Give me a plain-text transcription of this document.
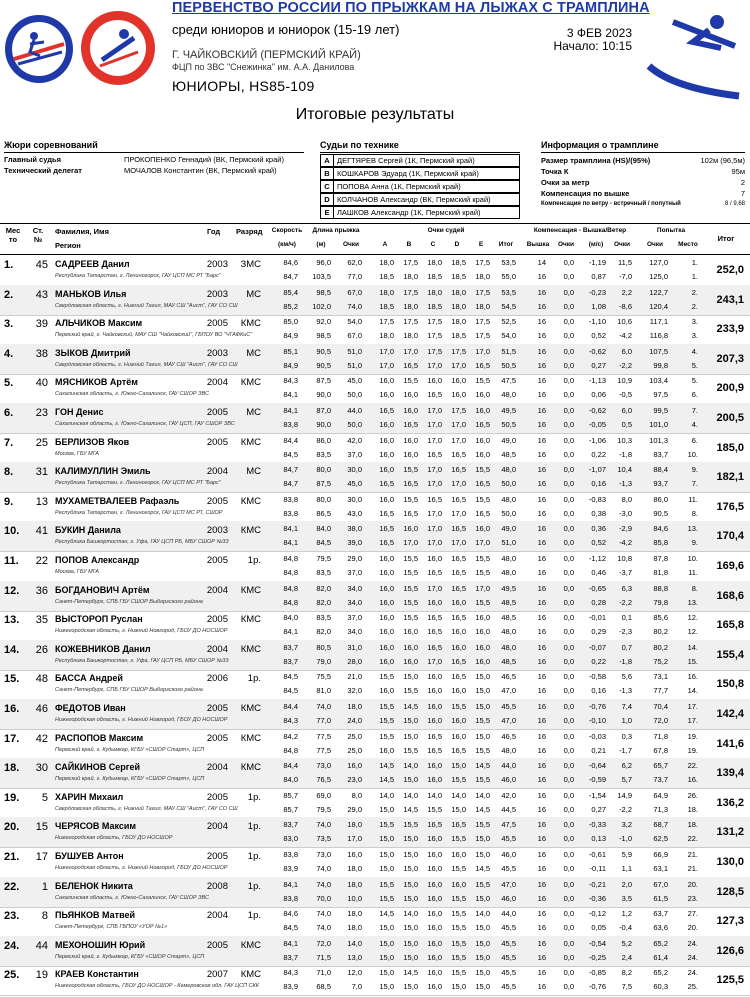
ПЕРВЕНСТВО РОССИИ ПО ПРЫЖКАМ НА ЛЫЖАХ С ТРАМПЛИНА
среди юниоров и юниорок (15-19 лет)	3 ФЕВ 2023
Начало: 10:15
Г. ЧАЙКОВСКИЙ (ПЕРМСКИЙ КРАЙ)
ФЦП по ЗВС "Снежинка" им. А.А. Данилова
ЮНИОРЫ, HS85-109
Итоговые результаты
Жюри соревнований
Главный судья	ПРОКОПЕНКО Геннадий (ВК, Пермский край)
Технический делегат	МОЧАЛОВ Константин (ВК, Пермский край)
Судьи по технике
A ДЕГТЯРЕВ Сергей (1К, Пермский край)
B КОШКАРОВ Эдуард (1К, Пермский край)
C ПОПОВА Анна (1К, Пермский край)
D КОЛЧАНОВ Александр (ВК, Пермский край)
E ЛАШКОВ Александр (1К, Пермский край)
Информация о трамплине
Размер трамплина (HS)/(95%)	102м (96,5м)
Точка К	95м
Очки за метр	2
Компенсация по вышке	7
Компенсация по ветру - встречный / попутный	8 / 9,68
Мес то
Ст. №
Фамилия, Имя
Регион
Год Разряд	Скорость
(км/ч)
Длина прыжка
(м)	Очки
Очки судей
A	B	C	D	E	Итог
Компенсация - Вышка/Ветер
Вышка	Очки	(м/с)	Очки
Попытка
Очки	Место
Итог
1.	45 САДРЕЕВ Данил
Республика Татарстан, г. Лениногорск, ГАУ ЦСП МС РТ "Барс"
2003	ЗМС	252,0
84,6	96,0	62,0	18,0	17,5	18,0	18,5	17,5	53,5	14	0,0	-1,19	11,5	127,0	1.
84,7	103,5	77,0	18,5	18,0	18,5	18,5	18,0	55,0	16	0,0	0,87	-7,0	125,0	1.
2.	43 МАНЬКОВ Илья
Свердловская область, г. Нижний Тагил, МАУ СШ "Аист", ГАУ СО СШ
2003	МС	243,1
85,4	98,5	67,0	18,0	17,5	18,0	18,0	17,5	53,5	16	0,0	-0,23	2,2	122,7	2.
85,2	102,0	74,0	18,5	18,0	18,5	18,0	18,0	54,5	16	0,0	1,08	-8,6	120,4	2.
3.	39 АЛЬЧИКОВ Максим
Пермский край, г. Чайковский, МАУ СШ "Чайковский", ГБПОУ ВО "ЧГАФКиС"
2005	КМС	233,9
85,0	92,0	54,0	17,5	17,5	17,5	18,0	17,5	52,5	16	0,0	-1,10	10,6	117,1	3.
84,9	98,5	67,0	18,0	18,0	17,5	18,5	17,5	54,0	16	0,0	0,52	-4,2	116,8	3.
4.	38 ЗЫКОВ Дмитрий
Свердловская область, г. Нижний Тагил, МАУ СШ "Аист", ГАУ СО СШ
2003	МС	207,3
85,1	90,5	51,0	17,0	17,0	17,5	17,5	17,0	51,5	16	0,0	-0,62	6,0	107,5	4.
84,9	90,5	51,0	17,0	16,5	17,0	17,0	16,5	50,5	16	0,0	0,27	-2,2	99,8	5.
5.	40 МЯСНИКОВ Артём
Сахалинская область, г. Южно-Сахалинск, ГАУ СШОР ЗВС
2004	КМС	200,9
84,3	87,5	45,0	16,0	15,5	16,0	16,0	15,5	47,5	16	0,0	-1,13	10,9	103,4	5.
84,1	90,0	50,0	16,0	16,0	16,5	16,0	16,0	48,0	16	0,0	0,06	-0,5	97,5	6.
6.	23 ГОН Денис
Сахалинская область, г. Южно-Сахалинск, ГАУ ЦСП, ГАУ СШОР ЗВС
2005	МС	200,5
84,1	87,0	44,0	16,5	16,0	17,0	17,5	16,0	49,5	16	0,0	-0,62	6,0	99,5	7.
83,8	90,0	50,0	16,0	16,5	17,0	17,0	16,5	50,5	16	0,0	-0,05	0,5	101,0	4.
7.	25 БЕРЛИЗОВ Яков
Москва, ГБУ МГА
2005	КМС	185,0
84,4	86,0	42,0	16,0	16,0	17,0	17,0	16,0	49,0	16	0,0	-1,06	10,3	101,3	6.
84,5	83,5	37,0	16,0	16,0	16,5	16,5	16,0	48,5	16	0,0	0,22	-1,8	83,7	10.
8.	31 КАЛИМУЛЛИН Эмиль
Республика Татарстан, г. Лениногорск, ГАУ ЦСП МС РТ "Барс"
2004	МС	182,1
84,7	80,0	30,0	16,0	15,5	17,0	16,5	15,5	48,0	16	0,0	-1,07	10,4	88,4	9.
84,7	87,5	45,0	16,5	16,5	17,0	17,0	16,5	50,0	16	0,0	0,16	-1,3	93,7	7.
9.	13 МУХАМЕТВАЛЕЕВ Рафаэль
Республика Татарстан, г. Лениногорск, ГАУ ЦСП МС РТ, СШОР
2005	КМС	176,5
83,8	80,0	30,0	16,0	15,5	16,5	16,5	15,5	48,0	16	0,0	-0,83	8,0	86,0	11.
83,8	86,5	43,0	16,5	16,5	17,0	17,0	16,5	50,0	16	0,0	0,38	-3,0	90,5	8.
10.	41 БУКИН Данила
Республика Башкортостан, г. Уфа, ГАУ ЦСП РБ, МБУ СШОР №33
2003	КМС	170,4
84,1	84,0	38,0	16,5	16,0	17,0	16,5	16,0	49,0	16	0,0	0,36	-2,9	84,6	13.
84,1	84,5	39,0	16,5	17,0	17,0	17,0	17,0	51,0	16	0,0	0,52	-4,2	85,8	9.
11.	22 ПОПОВ Александр
Москва, ГБУ МГА
2005	1р.	169,6
84,8	79,5	29,0	16,0	15,5	16,0	16,5	15,5	48,0	16	0,0	-1,12	10,8	87,8	10.
84,8	83,5	37,0	16,0	15,5	16,5	16,5	15,5	48,0	16	0,0	0,46	-3,7	81,8	11.
12.	36 БОГДАНОВИЧ Артём
Санкт-Петербург, СПБ ГБУ СШОР Выборгского района
2004	КМС	168,6
84,8	82,0	34,0	16,0	15,5	17,0	16,5	17,0	49,5	16	0,0	-0,65	6,3	88,8	8.
84,8	82,0	34,0	16,0	15,5	16,0	16,0	15,5	48,5	16	0,0	0,28	-2,2	79,8	13.
13.	35 ВЫСТОРОП Руслан
Нижегородская область, г. Нижний Новгород, ГБОУ ДО НОСШОР
2005	КМС	165,8
84,0	83,5	37,0	16,0	15,5	16,5	16,5	16,0	48,5	16	0,0	-0,01	0,1	85,6	12.
84,1	82,0	34,0	16,0	16,0	16,5	16,0	16,0	48,0	16	0,0	0,29	-2,3	80,2	12.
14.	26 КОЖЕВНИКОВ Данил
Республика Башкортостан, г. Уфа, ГАУ ЦСП РБ, МБУ СШОР №33
2004	КМС	155,4
83,7	80,5	31,0	16,0	16,0	16,5	16,0	16,0	48,0	16	0,0	-0,07	0,7	80,2	14.
83,7	79,0	28,0	16,0	16,0	17,0	16,5	16,0	48,5	16	0,0	0,22	-1,8	75,2	15.
15.	48 БАССА Андрей
Санкт-Петербург, СПБ ГБУ СШОР Выборгского района
2006	1р.	150,8
84,5	75,5	21,0	15,5	15,0	16,0	16,5	15,0	46,5	16	0,0	-0,58	5,6	73,1	16.
84,5	81,0	32,0	16,0	15,5	16,0	16,0	15,0	47,0	16	0,0	0,16	-1,3	77,7	14.
16.	46 ФЕДОТОВ Иван
Нижегородская область, г. Нижний Новгород, ГБОУ ДО НОСШОР
2005	КМС	142,4
84,4	74,0	18,0	15,5	14,5	16,0	15,5	15,0	45,5	16	0,0	-0,76	7,4	70,4	17.
84,3	77,0	24,0	15,5	15,0	16,0	16,0	15,5	47,0	16	0,0	-0,10	1,0	72,0	17.
17.	42 РАСПОПОВ Максим
Пермский край, г. Кудымкар, КГБУ «СШОР Старт», ЦСП
2005	КМС	141,6
84,2	77,5	25,0	15,5	15,0	16,5	16,0	15,0	46,5	16	0,0	-0,03	0,3	71,8	19.
84,8	77,5	25,0	16,0	15,5	16,5	16,5	15,5	48,0	16	0,0	0,21	-1,7	67,8	19.
18.	30 САЙКИНОВ Сергей
Пермский край, г. Кудымкар, КГБУ «СШОР Старт», ЦСП
2004	КМС	139,4
84,4	73,0	16,0	14,5	14,0	16,0	15,0	14,5	44,0	16	0,0	-0,64	6,2	65,7	22.
84,0	76,5	23,0	14,5	15,0	16,0	15,5	15,5	46,0	16	0,0	-0,59	5,7	73,7	16.
19.	5 ХАРИН Михаил
Свердловская область, г. Нижний Тагил, МАУ СШ "Аист", ГАУ СО СШ
2005	1р.	136,2
85,7	69,0	8,0	14,0	14,0	14,0	14,0	14,0	42,0	16	0,0	-1,54	14,9	64,9	26.
85,7	79,5	29,0	15,0	14,5	15,5	15,0	14,5	44,5	16	0,0	0,27	-2,2	71,3	18.
20.	15 ЧЕРЯСОВ Максим
Нижегородская область, ГБОУ ДО НОСШОР
2004	1р.	131,2
83,7	74,0	18,0	15,5	15,5	16,5	16,5	15,5	47,5	16	0,0	-0,33	3,2	68,7	18.
83,0	73,5	17,0	15,0	15,0	16,0	15,5	15,0	45,5	16	0,0	0,13	-1,0	62,5	22.
21.	17 БУШУЕВ Антон
Нижегородская область, г. Нижний Новгород, ГБОУ ДО НОСШОР
2005	1р.	130,0
83,8	73,0	16,0	15,0	15,0	16,0	16,0	15,0	46,0	16	0,0	-0,61	5,9	66,9	21.
83,9	74,0	18,0	15,0	15,0	16,0	15,5	14,5	45,5	16	0,0	-0,11	1,1	63,1	21.
22.	1 БЕЛЕНОК Никита
Сахалинская область, г. Южно-Сахалинск, ГАУ СШОР ЗВС
2008	1р.	128,5
84,1	74,0	18,0	15,5	15,0	16,0	16,0	15,5	47,0	16	0,0	-0,21	2,0	67,0	20.
83,8	70,0	10,0	15,5	15,0	16,0	15,5	15,0	46,0	16	0,0	-0,36	3,5	61,5	23.
23.	8 ПЬЯНКОВ Матвей
Санкт-Петербург, СПБ ГБПОУ «УОР №1»
2004	1р.	127,3
84,6	74,0	18,0	14,5	14,0	16,0	15,5	14,0	44,0	16	0,0	-0,12	1,2	63,7	27.
84,5	74,0	18,0	15,0	15,0	16,0	15,5	15,0	45,5	16	0,0	0,05	-0,4	63,6	20.
24.	44 МЕХОНОШИН Юрий
Пермский край, г. Кудымкар, КГБУ «СШОР Старт», ЦСП
2005	КМС	126,6
84,1	72,0	14,0	15,0	15,0	16,0	15,5	15,0	45,5	16	0,0	-0,54	5,2	65,2	24.
83,7	71,5	13,0	15,0	15,0	16,0	15,5	15,0	45,5	16	0,0	-0,25	2,4	61,4	24.
25.	19 КРАЕВ Константин
Нижегородская область, ГБОУ ДО НОСШОР - Кемеровская обл. ГАУ ЦСП СКК
2007	КМС	125,5
84,3	71,0	12,0	15,0	14,5	16,0	15,5	15,0	45,5	16	0,0	-0,85	8,2	65,2	24.
83,9	68,5	7,0	15,0	15,0	16,0	15,0	15,0	45,5	16	0,0	-0,76	7,5	60,3	25.
